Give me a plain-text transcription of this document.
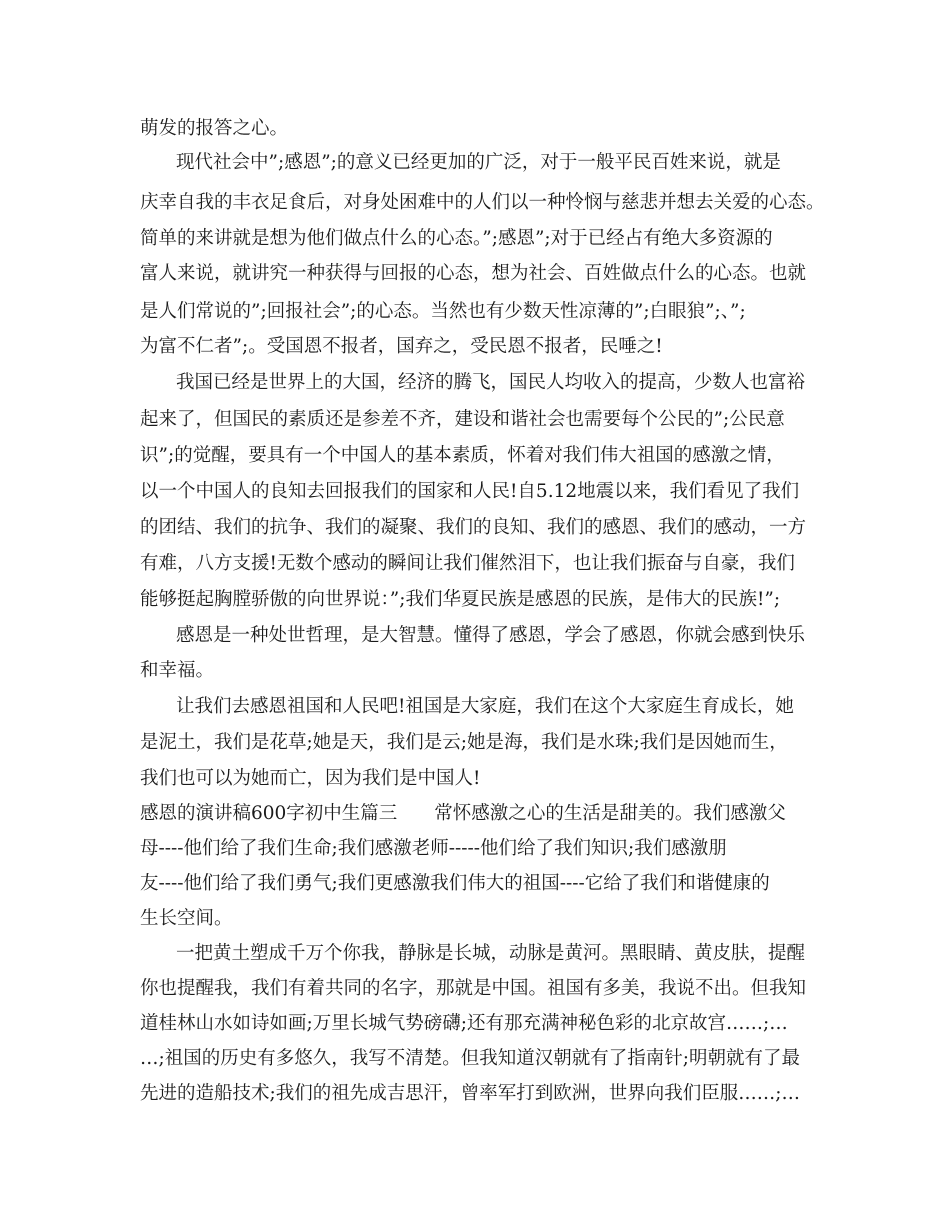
萌发的报答之心。
现代社会中”;感恩”;的意义已经更加的广泛，对于一般平民百姓来说，就是
庆幸自我的丰衣足食后，对身处困难中的人们以一种怜悯与慈悲并想去关爱的心态。
简单的来讲就是想为他们做点什么的心态。”;感恩”;对于已经占有绝大多资源的
富人来说，就讲究一种获得与回报的心态，想为社会、百姓做点什么的心态。也就
是人们常说的”;回报社会”;的心态。当然也有少数天性凉薄的”;白眼狼”;、”;
为富不仁者”;。受国恩不报者，国弃之，受民恩不报者，民唾之!
我国已经是世界上的大国，经济的腾飞，国民人均收入的提高，少数人也富裕
起来了，但国民的素质还是参差不齐，建设和谐社会也需要每个公民的”;公民意
识”;的觉醒，要具有一个中国人的基本素质，怀着对我们伟大祖国的感激之情，
以一个中国人的良知去回报我们的国家和人民!自5.12地震以来，我们看见了我们
的团结、我们的抗争、我们的凝聚、我们的良知、我们的感恩、我们的感动，一方
有难，八方支援!无数个感动的瞬间让我们催然泪下，也让我们振奋与自豪，我们
能够挺起胸膛骄傲的向世界说：”;我们华夏民族是感恩的民族，是伟大的民族!”;
感恩是一种处世哲理，是大智慧。懂得了感恩，学会了感恩，你就会感到快乐
和幸福。
让我们去感恩祖国和人民吧!祖国是大家庭，我们在这个大家庭生育成长，她
是泥土，我们是花草;她是天，我们是云;她是海，我们是水珠;我们是因她而生，
我们也可以为她而亡，因为我们是中国人!
感恩的演讲稿600字初中生篇三　　常怀感激之心的生活是甜美的。我们感激父
母----他们给了我们生命;我们感激老师-----他们给了我们知识;我们感激朋
友----他们给了我们勇气;我们更感激我们伟大的祖国----它给了我们和谐健康的
生长空间。
一把黄土塑成千万个你我，静脉是长城，动脉是黄河。黑眼睛、黄皮肤，提醒
你也提醒我，我们有着共同的名字，那就是中国。祖国有多美，我说不出。但我知
道桂林山水如诗如画;万里长城气势磅礴;还有那充满神秘色彩的北京故宫……;…
…;祖国的历史有多悠久，我写不清楚。但我知道汉朝就有了指南针;明朝就有了最
先进的造船技术;我们的祖先成吉思汗，曾率军打到欧洲，世界向我们臣服……;…
